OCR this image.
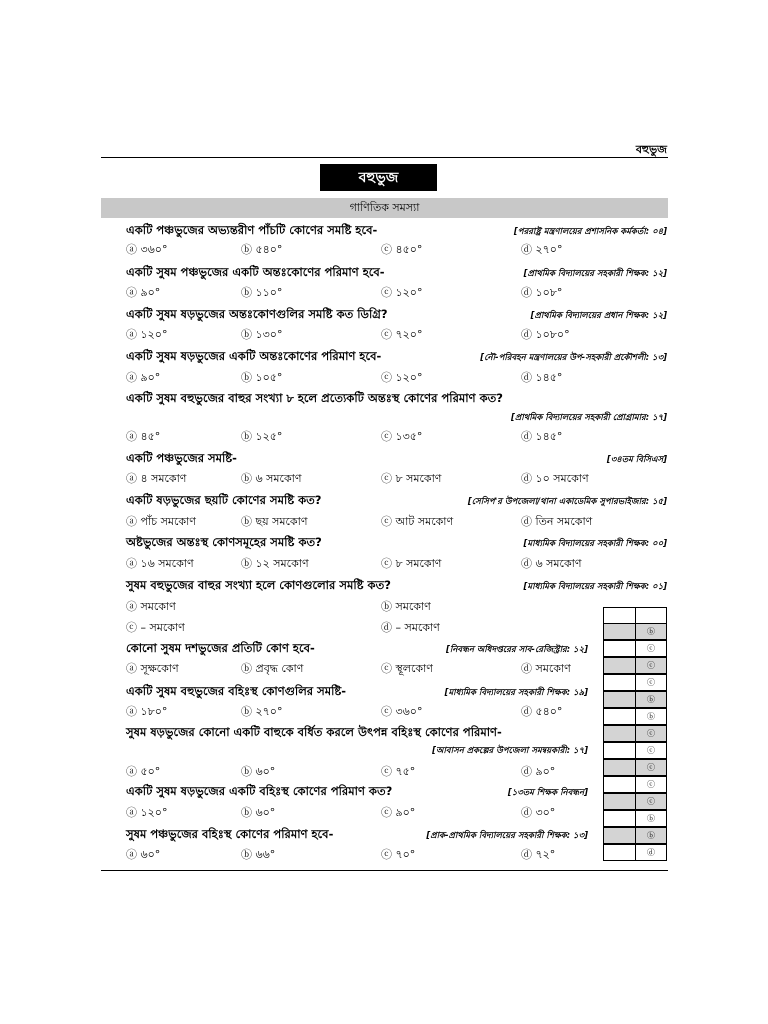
বহুভুজ
বহুভুজ
গাণিতিক সমস্যা
একটি পঞ্চভুজের অভ্যন্তরীণ পাঁচটি কোণের সমষ্টি হবে-	[পররাষ্ট্র মন্ত্রণালয়ের প্রশাসনিক কর্মকর্তা: ০৪]
ⓐ ৩৬০°	ⓑ ৫৪০°	ⓒ ৪৫০°	ⓓ ২৭০°
একটি সুষম পঞ্চভুজের একটি অন্তঃকোণের পরিমাণ হবে-	[প্রাথমিক বিদ্যালয়ের সহকারী শিক্ষক: ১২]
ⓐ ৯০°	ⓑ ১১০°	ⓒ ১২০°	ⓓ ১০৮°
একটি সুষম ষড়ভুজের অন্তঃকোণগুলির সমষ্টি কত ডিগ্রি?	[প্রাথমিক বিদ্যালয়ের প্রধান শিক্ষক: ১২]
ⓐ ১২০°	ⓑ ১৩০°	ⓒ ৭২০°	ⓓ ১০৮০°
একটি সুষম ষড়ভুজের একটি অন্তঃকোণের পরিমাণ হবে-	[নৌ-পরিবহন মন্ত্রণালয়ের উপ-সহকারী প্রকৌশলী: ১৩]
ⓐ ৯০°	ⓑ ১০৫°	ⓒ ১২০°	ⓓ ১৪৫°
একটি সুষম বহুভুজের বাহুর সংখ্যা ৮ হলে প্রত্যেকটি অন্তঃস্থ কোণের পরিমাণ কত?
[প্রাথমিক বিদ্যালয়ের সহকারী প্রোগ্রামার: ১৭]
ⓐ ৪৫°	ⓑ ১২৫°	ⓒ ১৩৫°	ⓓ ১৪৫°
একটি পঞ্চভুজের সমষ্টি-	[৩৪তম বিসিএস]
ⓐ ৪ সমকোণ	ⓑ ৬ সমকোণ	ⓒ ৮ সমকোণ	ⓓ ১০ সমকোণ
একটি ষড়ভুজের ছয়টি কোণের সমষ্টি কত?	[সেসিপ'র উপজেলা/থানা একাডেমিক সুপারভাইজার: ১৫]
ⓐ পাঁচ সমকোণ	ⓑ ছয় সমকোণ	ⓒ আট সমকোণ	ⓓ তিন সমকোণ
অষ্টভুজের অন্তঃস্থ কোণসমূহের সমষ্টি কত?	[মাধ্যমিক বিদ্যালয়ের সহকারী শিক্ষক: ০০]
ⓐ ১৬ সমকোণ	ⓑ ১২ সমকোণ	ⓒ ৮ সমকোণ	ⓓ ৬ সমকোণ
সুষম বহুভুজের বাহুর সংখ্যা হলে কোণগুলোর সমষ্টি কত?	[মাধ্যমিক বিদ্যালয়ের সহকারী শিক্ষক: ০১]
ⓐ সমকোণ	ⓑ সমকোণ
ⓒ – সমকোণ	ⓓ – সমকোণ
কোনো সুষম দশভুজের প্রতিটি কোণ হবে-	[নিবন্ধন অধিদপ্তরের সাব-রেজিস্ট্রার: ১২]
ⓐ সূক্ষকোণ	ⓑ প্রবৃদ্ধ কোণ	ⓒ স্থূলকোণ	ⓓ সমকোণ
একটি সুষম বহুভুজের বহিঃস্থ কোণগুলির সমষ্টি-	[মাধ্যমিক বিদ্যালয়ের সহকারী শিক্ষক: ১৯]
ⓐ ১৮০°	ⓑ ২৭০°	ⓒ ৩৬০°	ⓓ ৫৪০°
সুষম ষড়ভুজের কোনো একটি বাহুকে বর্ধিত করলে উৎপন্ন বহিঃস্থ কোণের পরিমাণ-
[আবাসন প্রকল্পের উপজেলা সমন্বয়কারী: ১৭]
ⓐ ৫০°	ⓑ ৬০°	ⓒ ৭৫°	ⓓ ৯০°
একটি সুষম ষড়ভুজের একটি বহিঃস্থ কোণের পরিমাণ কত?	[১৩তম শিক্ষক নিবন্ধন]
ⓐ ১২০°	ⓑ ৬০°	ⓒ ৯০°	ⓓ ৩০°
সুষম পঞ্চভুজের বহিঃস্থ কোণের পরিমাণ হবে-	[প্রাক-প্রাথমিক বিদ্যালয়ের সহকারী শিক্ষক: ১৩]
ⓐ ৬০°	ⓑ ৬৬°	ⓒ ৭০°	ⓓ ৭২°
ⓑ
ⓒ
ⓒ
ⓒ
ⓑ
ⓑ
ⓒ
ⓒ
ⓒ
ⓒ
ⓒ
ⓑ
ⓑ
ⓓ
